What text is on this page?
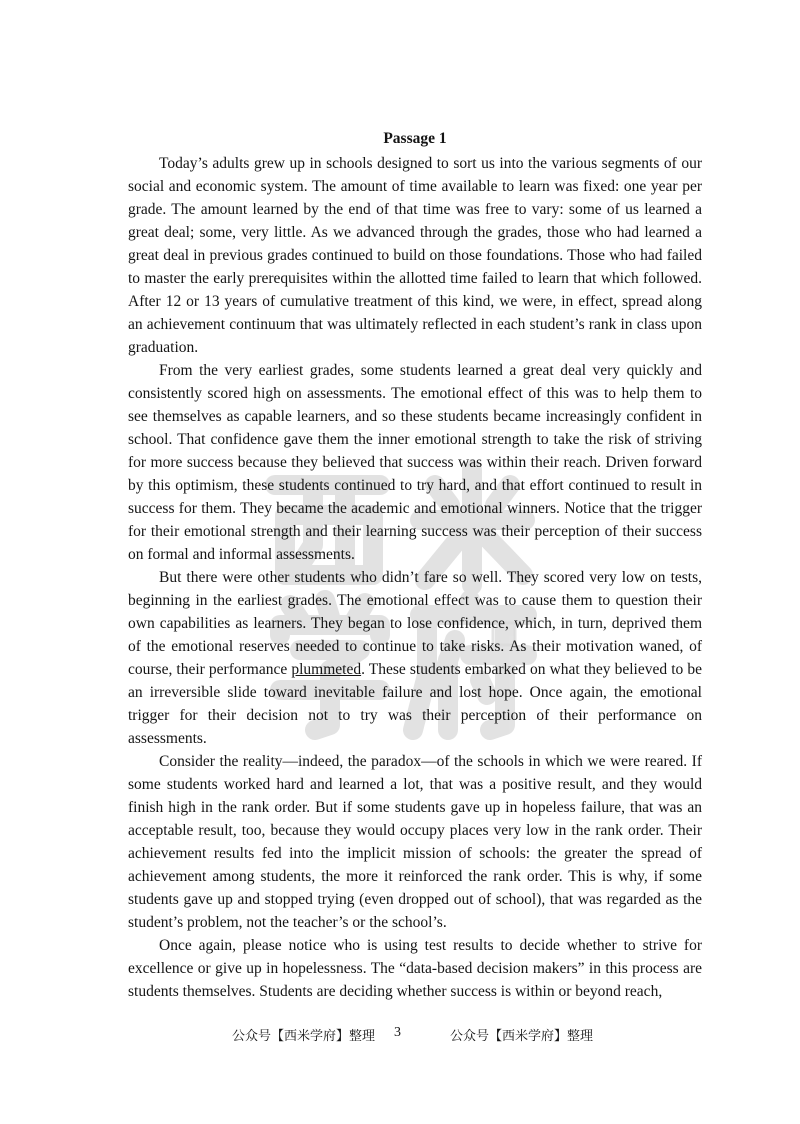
Passage 1

Today’s adults grew up in schools designed to sort us into the various segments of our social and economic system. The amount of time available to learn was fixed: one year per grade. The amount learned by the end of that time was free to vary: some of us learned a great deal; some, very little. As we advanced through the grades, those who had learned a great deal in previous grades continued to build on those foundations. Those who had failed to master the early prerequisites within the allotted time failed to learn that which followed. After 12 or 13 years of cumulative treatment of this kind, we were, in effect, spread along an achievement continuum that was ultimately reflected in each student’s rank in class upon graduation.

From the very earliest grades, some students learned a great deal very quickly and consistently scored high on assessments. The emotional effect of this was to help them to see themselves as capable learners, and so these students became increasingly confident in school. That confidence gave them the inner emotional strength to take the risk of striving for more success because they believed that success was within their reach. Driven forward by this optimism, these students continued to try hard, and that effort continued to result in success for them. They became the academic and emotional winners. Notice that the trigger for their emotional strength and their learning success was their perception of their success on formal and informal assessments.

But there were other students who didn’t fare so well. They scored very low on tests, beginning in the earliest grades. The emotional effect was to cause them to question their own capabilities as learners. They began to lose confidence, which, in turn, deprived them of the emotional reserves needed to continue to take risks. As their motivation waned, of course, their performance plummeted. These students embarked on what they believed to be an irreversible slide toward inevitable failure and lost hope. Once again, the emotional trigger for their decision not to try was their perception of their performance on assessments.

Consider the reality—indeed, the paradox—of the schools in which we were reared. If some students worked hard and learned a lot, that was a positive result, and they would finish high in the rank order. But if some students gave up in hopeless failure, that was an acceptable result, too, because they would occupy places very low in the rank order. Their achievement results fed into the implicit mission of schools: the greater the spread of achievement among students, the more it reinforced the rank order. This is why, if some students gave up and stopped trying (even dropped out of school), that was regarded as the student’s problem, not the teacher’s or the school’s.

Once again, please notice who is using test results to decide whether to strive for excellence or give up in hopelessness. The “data-based decision makers” in this process are students themselves. Students are deciding whether success is within or beyond reach,

公众号【西米学府】整理 3	公众号【西米学府】整理
